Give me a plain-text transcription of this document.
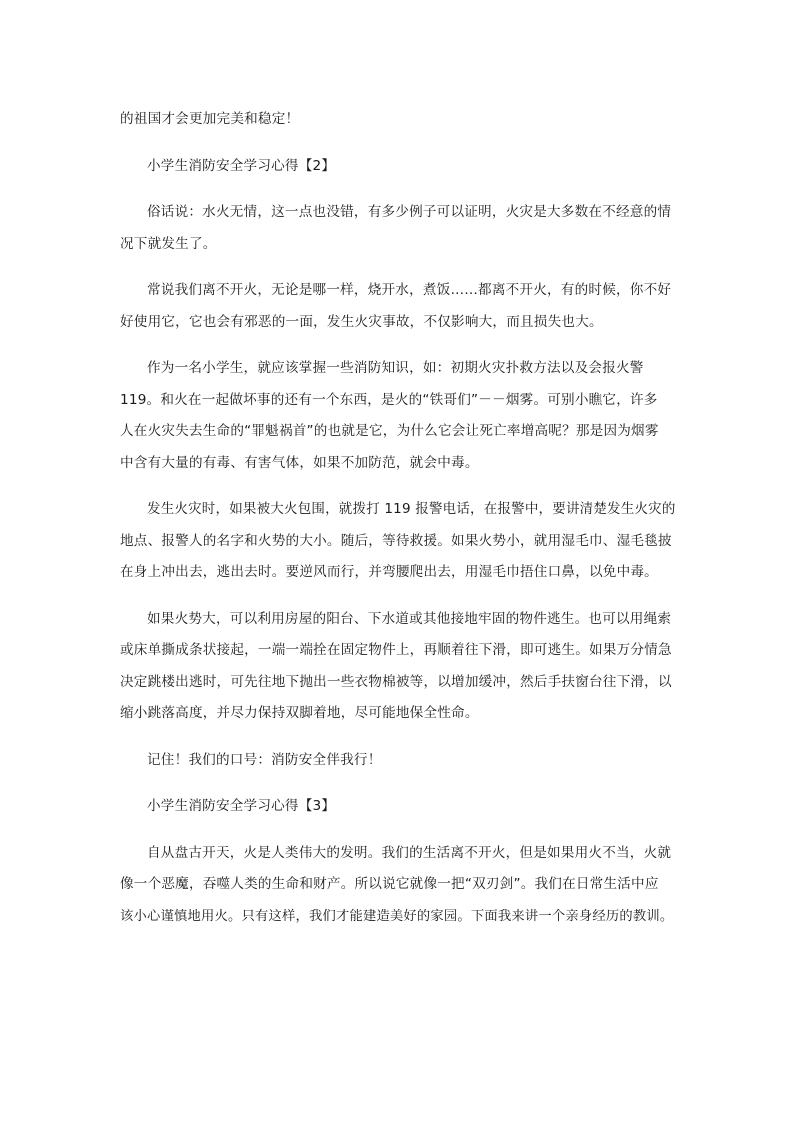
的祖国才会更加完美和稳定！

小学生消防安全学习心得【2】

俗话说：水火无情，这一点也没错，有多少例子可以证明，火灾是大多数在不经意的情
况下就发生了。

常说我们离不开火，无论是哪一样，烧开水，煮饭……都离不开火，有的时候，你不好
好使用它，它也会有邪恶的一面，发生火灾事故，不仅影响大，而且损失也大。

作为一名小学生，就应该掌握一些消防知识，如：初期火灾扑救方法以及会报火警
119。和火在一起做坏事的还有一个东西，是火的“铁哥们”－－烟雾。可别小瞧它，许多
人在火灾失去生命的“罪魁祸首”的也就是它，为什么它会让死亡率增高呢？那是因为烟雾
中含有大量的有毒、有害气体，如果不加防范，就会中毒。

发生火灾时，如果被大火包围，就拨打 119 报警电话，在报警中，要讲清楚发生火灾的
地点、报警人的名字和火势的大小。随后，等待救援。如果火势小，就用湿毛巾、湿毛毯披
在身上冲出去，逃出去时。要逆风而行，并弯腰爬出去，用湿毛巾捂住口鼻，以免中毒。

如果火势大，可以利用房屋的阳台、下水道或其他接地牢固的物件逃生。也可以用绳索
或床单撕成条状接起，一端一端拴在固定物件上，再顺着往下滑，即可逃生。如果万分情急
决定跳楼出逃时，可先往地下抛出一些衣物棉被等，以增加缓冲，然后手扶窗台往下滑，以
缩小跳落高度，并尽力保持双脚着地，尽可能地保全性命。

记住！我们的口号：消防安全伴我行！

小学生消防安全学习心得【3】

自从盘古开天，火是人类伟大的发明。我们的生活离不开火，但是如果用火不当，火就
像一个恶魔，吞噬人类的生命和财产。所以说它就像一把“双刃剑”。我们在日常生活中应
该小心谨慎地用火。只有这样，我们才能建造美好的家园。下面我来讲一个亲身经历的教训。
